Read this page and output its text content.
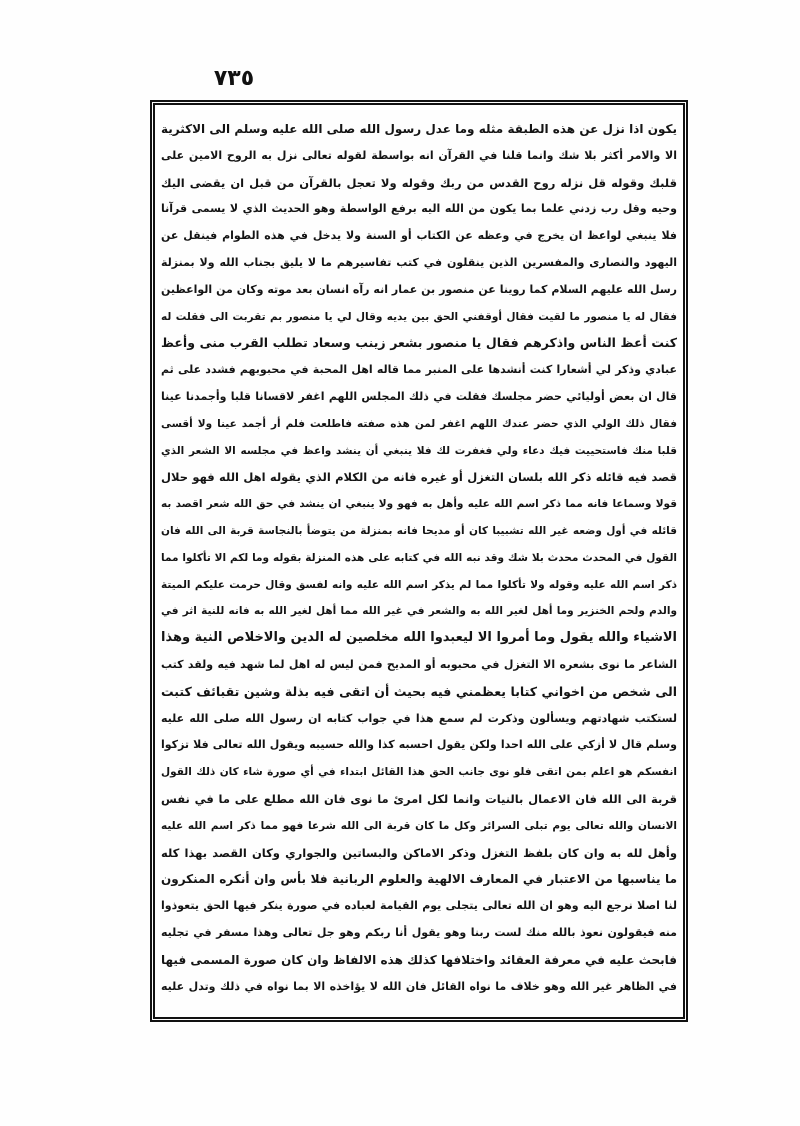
٧٣٥
يكون اذا نزل عن هذه الطبقة مثله وما عدل رسول الله صلى الله عليه وسلم الى الاكثرية
الا والامر أكثر بلا شك وانما قلنا في القرآن انه بواسطة لقوله تعالى نزل به الروح الامين على
قلبك وقوله قل نزله روح القدس من ربك وقوله ولا تعجل بالقرآن من قبل ان يقضى اليك
وحيه وقل رب زدني علما بما يكون من الله اليه برفع الواسطة وهو الحديث الذي لا يسمى قرآنا
فلا ينبغي لواعظ ان يخرج في وعظه عن الكتاب أو السنة ولا يدخل في هذه الطوام فينقل عن
اليهود والنصارى والمفسرين الذين ينقلون في كتب تفاسيرهم ما لا يليق بجناب الله ولا بمنزلة
رسل الله عليهم السلام كما روينا عن منصور بن عمار انه رآه انسان بعد موته وكان من الواعظين
فقال له يا منصور ما لقيت فقال أوقفني الحق بين يديه وقال لي يا منصور بم تقربت الى فقلت له
كنت أعظ الناس واذكرهم فقال يا منصور بشعر زينب وسعاد تطلب القرب منى وأعظ
عبادي وذكر لي أشعارا كنت أنشدها على المنبر مما قاله اهل المحبة في محبوبهم فشدد على ثم
قال ان بعض أوليائي حضر مجلسك فقلت في ذلك المجلس اللهم اغفر لاقسانا قلبا وأجمدنا عينا
فقال ذلك الولي الذي حضر عندك اللهم اغفر لمن هذه صفته فاطلعت فلم أر أجمد عينا ولا أقسى
قلبا منك فاستحييت فيك دعاء ولي فغفرت لك فلا ينبغي أن ينشد واعظ في مجلسه الا الشعر الذي
قصد فيه قائله ذكر الله بلسان التغزل أو غيره فانه من الكلام الذي يقوله اهل الله فهو حلال
قولا وسماعا فانه مما ذكر اسم الله عليه وأهل به فهو ولا ينبغي ان ينشد في حق الله شعر اقصد به
قائله في أول وضعه غير الله تشبيبا كان أو مديحا فانه بمنزلة من يتوضأ بالنجاسة قربة الى الله فان
القول في المحدث محدث بلا شك وقد نبه الله في كتابه على هذه المنزلة بقوله وما لكم الا تأكلوا مما
ذكر اسم الله عليه وقوله ولا تأكلوا مما لم يذكر اسم الله عليه وانه لفسق وقال حرمت عليكم الميتة
والدم ولحم الخنزير وما أهل لغير الله به والشعر في غير الله مما أهل لغير الله به فانه للنية اثر في
الاشياء والله يقول وما أمروا الا ليعبدوا الله مخلصين له الدين والاخلاص النية وهذا
الشاعر ما نوى بشعره الا التغزل في محبوبه أو المديح فمن ليس له اهل لما شهد فيه ولقد كتب
الى شخص من اخواني كتابا يعظمني فيه بحيث أن اتقى فيه بذلة وشين تقبائف كتبت
لستكتب شهادتهم ويسألون وذكرت لم سمع هذا في جواب كتابه ان رسول الله صلى الله عليه
وسلم قال لا أزكي على الله احدا ولكن يقول احسبه كذا والله حسيبه ويقول الله تعالى فلا تزكوا
انفسكم هو اعلم بمن اتقى فلو نوى جانب الحق هذا القائل ابتداء في أي صورة شاء كان ذلك القول
قربة الى الله فان الاعمال بالنيات وانما لكل امرئ ما نوى فان الله مطلع على ما في نفس
الانسان والله تعالى يوم تبلى السرائر وكل ما كان قربة الى الله شرعا فهو مما ذكر اسم الله عليه
وأهل لله به وان كان بلفظ التغزل وذكر الاماكن والبساتين والجواري وكان القصد بهذا كله
ما يناسبها من الاعتبار في المعارف الالهية والعلوم الربانية فلا بأس وان أنكره المنكرون
لنا اصلا نرجع اليه وهو ان الله تعالى يتجلى يوم القيامة لعباده في صورة ينكر فيها الحق يتعوذوا
منه فيقولون نعوذ بالله منك لست ربنا وهو يقول أنا ربكم وهو جل تعالى وهذا مسفر في تجليه
فابحث عليه في معرفة العقائد واختلافها كذلك هذه الالفاظ وان كان صورة المسمى فيها
في الظاهر غير الله وهو خلاف ما نواه القائل فان الله لا يؤاخذه الا بما نواه في ذلك وتدل عليه
